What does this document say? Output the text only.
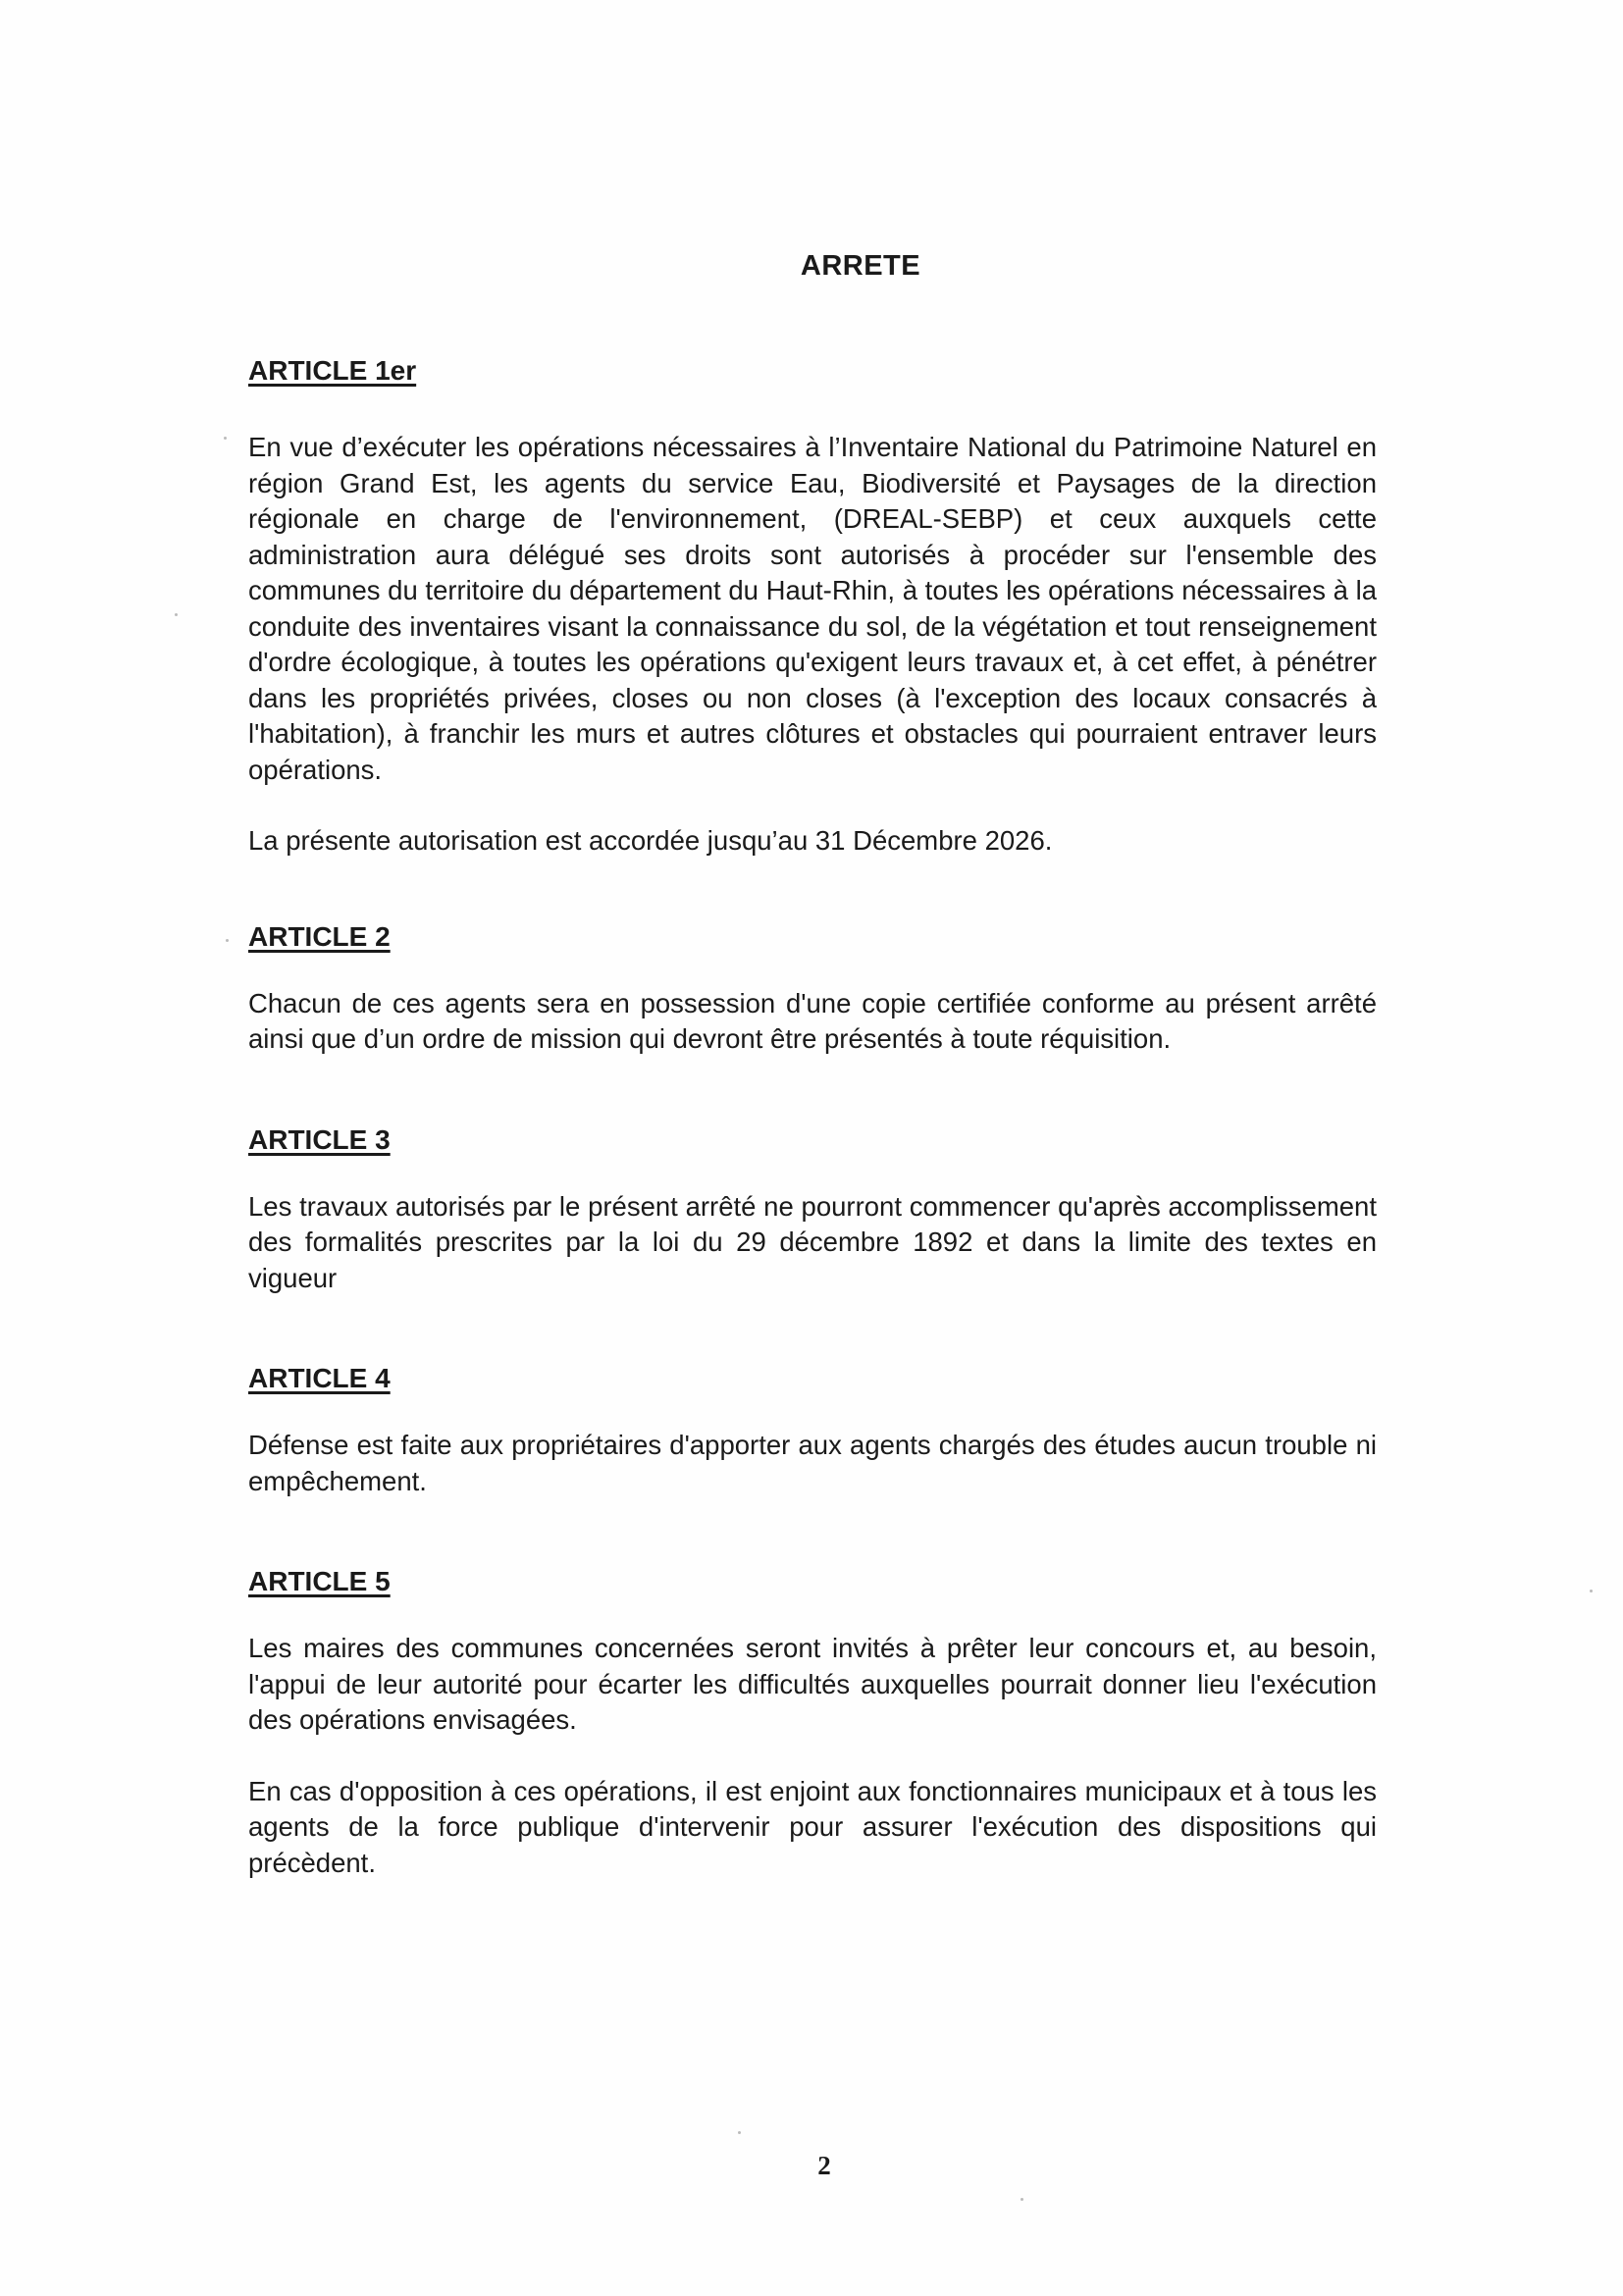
ARRETE
ARTICLE 1er

En vue d’exécuter les opérations nécessaires à l’Inventaire National du Patrimoine Naturel en région Grand Est, les agents du service Eau, Biodiversité et Paysages de la direction régionale en charge de l'environnement, (DREAL-SEBP) et ceux auxquels cette administration aura délégué ses droits sont autorisés à procéder sur l'ensemble des communes du territoire du département du Haut-Rhin, à toutes les opérations nécessaires à la conduite des inventaires visant la connaissance du sol, de la végétation et tout renseignement d'ordre écologique, à toutes les opérations qu'exigent leurs travaux et, à cet effet, à pénétrer dans les propriétés privées, closes ou non closes (à l'exception des locaux consacrés à l'habitation), à franchir les murs et autres clôtures et obstacles qui pourraient entraver leurs opérations.

La présente autorisation est accordée jusqu’au 31 Décembre 2026.

ARTICLE 2

Chacun de ces agents sera en possession d'une copie certifiée conforme au présent arrêté ainsi que d’un ordre de mission qui devront être présentés à toute réquisition.

ARTICLE 3

Les travaux autorisés par le présent arrêté ne pourront commencer qu'après accomplissement des formalités prescrites par la loi du 29 décembre 1892 et dans la limite des textes en vigueur

ARTICLE 4

Défense est faite aux propriétaires d'apporter aux agents chargés des études aucun trouble ni empêchement.

ARTICLE 5

Les maires des communes concernées seront invités à prêter leur concours et, au besoin, l'appui de leur autorité pour écarter les difficultés auxquelles pourrait donner lieu l'exécution des opérations envisagées.

En cas d'opposition à ces opérations, il est enjoint aux fonctionnaires municipaux et à tous les agents de la force publique d'intervenir pour assurer l'exécution des dispositions qui précèdent.

2
